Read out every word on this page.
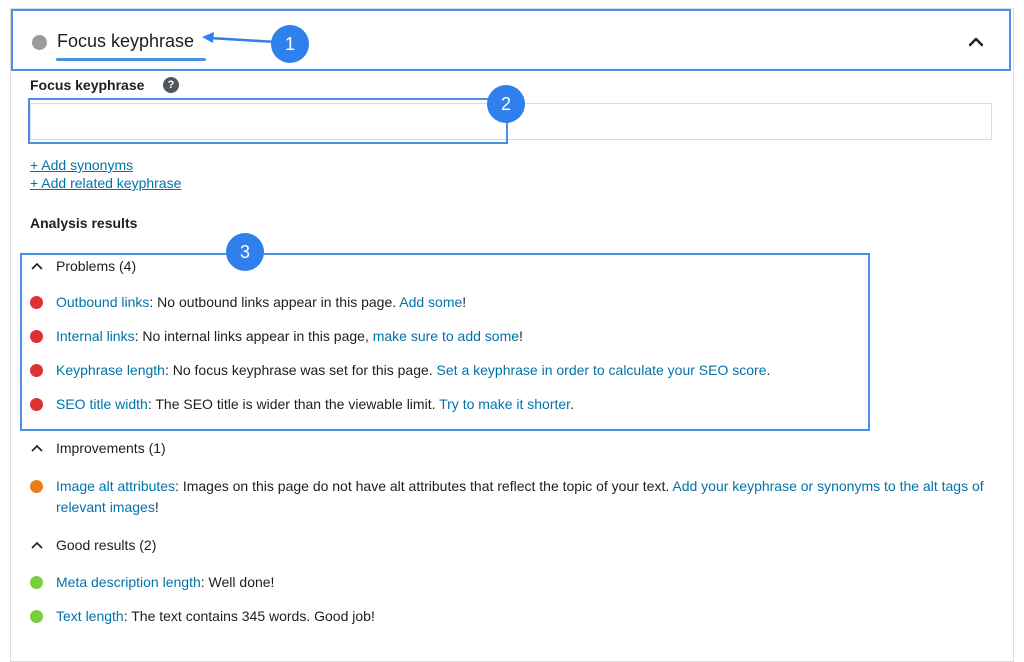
Focus keyphrase	1
Focus keyphrase	?
2
+ Add synonyms
+ Add related keyphrase
Analysis results
3
Problems (4)
Outbound links: No outbound links appear in this page. Add some!
Internal links: No internal links appear in this page, make sure to add some!
Keyphrase length: No focus keyphrase was set for this page. Set a keyphrase in order to calculate your SEO score.
SEO title width: The SEO title is wider than the viewable limit. Try to make it shorter.
Improvements (1)
Image alt attributes: Images on this page do not have alt attributes that reflect the topic of your text. Add your keyphrase or synonyms to the alt tags of relevant images!
Good results (2)
Meta description length: Well done!
Text length: The text contains 345 words. Good job!
